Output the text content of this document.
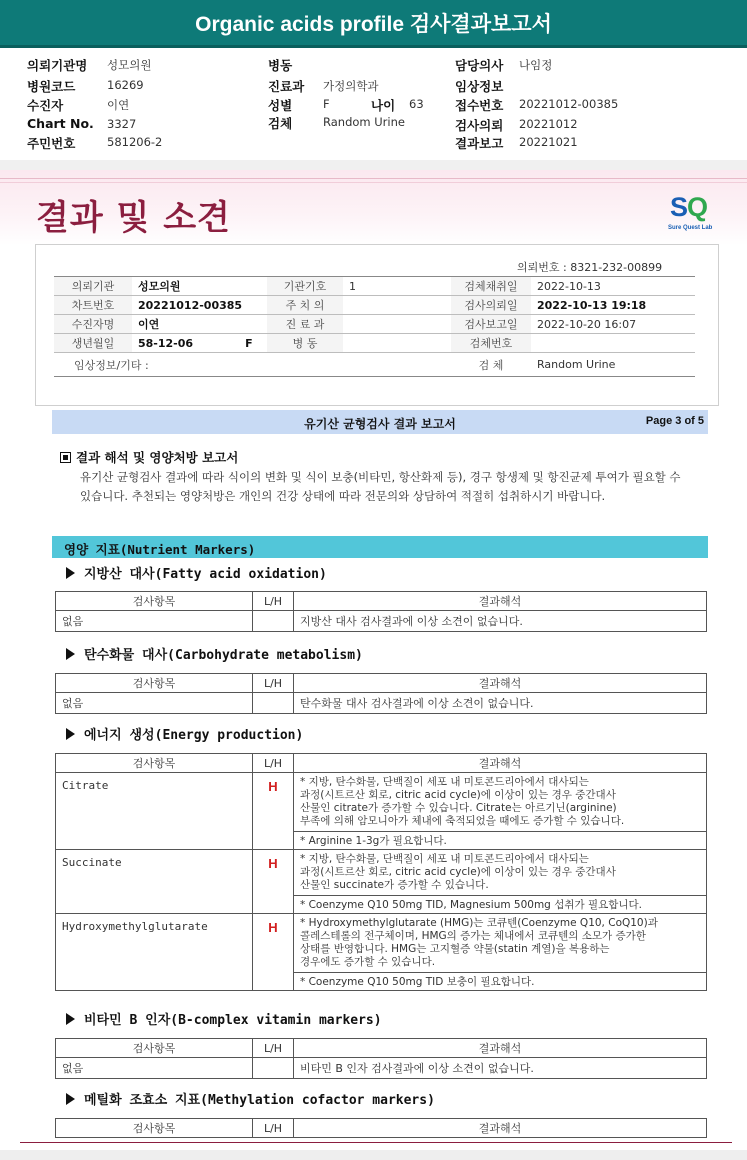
Organic acids profile 검사결과보고서
의뢰기관명 성모의원
병원코드	16269
수진자	이연
Chart No. 3327
주민번호	581206-2
병동
진료과 가정의학과
성별	F	나이 63
검체	Random Urine
담당의사 나임정
임상정보
접수번호 20221012-00385
검사의뢰 20221012
결과보고 20221021
결과 및 소견	SQ
Sure Quest Lab
의뢰번호 : 8321-232-00899
의뢰기관	성모의원	기관기호	1	검체채취일	2022-10-13
차트번호	20221012-00385	주 치 의		검사의뢰일	2022-10-13 19:18
수진자명	이연	진 료 과		검사보고일	2022-10-20 16:07
생년월일	58-12-06 F	병 동		검체번호	
임상정보/기타 :				검 체	Random Urine
유기산 균형검사 결과 보고서	Page 3 of 5
결과 해석 및 영양처방 보고서
유기산 균형검사 결과에 따라 식이의 변화 및 식이 보충(비타민, 항산화제 등), 경구 항생제 및 항진균제 투여가 필요할 수 있습니다. 추천되는 영양처방은 개인의 건강 상태에 따라 전문의와 상담하여 적절히 섭취하시기 바랍니다.
영양 지표(Nutrient Markers)
지방산 대사(Fatty acid oxidation)
검사항목	L/H	결과해석
없음		지방산 대사 검사결과에 이상 소견이 없습니다.
탄수화물 대사(Carbohydrate metabolism)
검사항목	L/H	결과해석
없음		탄수화물 대사 검사결과에 이상 소견이 없습니다.
에너지 생성(Energy production)
검사항목	L/H	결과해석
Citrate	H	* 지방, 탄수화물, 단백질이 세포 내 미토콘드리아에서 대사되는
과정(시트르산 회로, citric acid cycle)에 이상이 있는 경우 중간대사
산물인 citrate가 증가할 수 있습니다. Citrate는 아르기닌(arginine)
부족에 의해 암모니아가 체내에 축적되었을 때에도 증가할 수 있습니다.

		* Arginine 1-3g가 필요합니다.
Succinate	H	* 지방, 탄수화물, 단백질이 세포 내 미토콘드리아에서 대사되는
과정(시트르산 회로, citric acid cycle)에 이상이 있는 경우 중간대사
산물인 succinate가 증가할 수 있습니다.

		* Coenzyme Q10 50mg TID, Magnesium 500mg 섭취가 필요합니다.
Hydroxymethylglutarate	H	* Hydroxymethylglutarate (HMG)는 코큐텐(Coenzyme Q10, CoQ10)과
콜레스테롤의 전구체이며, HMG의 증가는 체내에서 코큐텐의 소모가 증가한
상태를 반영합니다. HMG는 고지혈증 약물(statin 계열)을 복용하는
경우에도 증가할 수 있습니다.

		* Coenzyme Q10 50mg TID 보충이 필요합니다.
비타민 B 인자(B-complex vitamin markers)
검사항목	L/H	결과해석
없음		비타민 B 인자 검사결과에 이상 소견이 없습니다.
메틸화 조효소 지표(Methylation cofactor markers)
검사항목	L/H	결과해석
